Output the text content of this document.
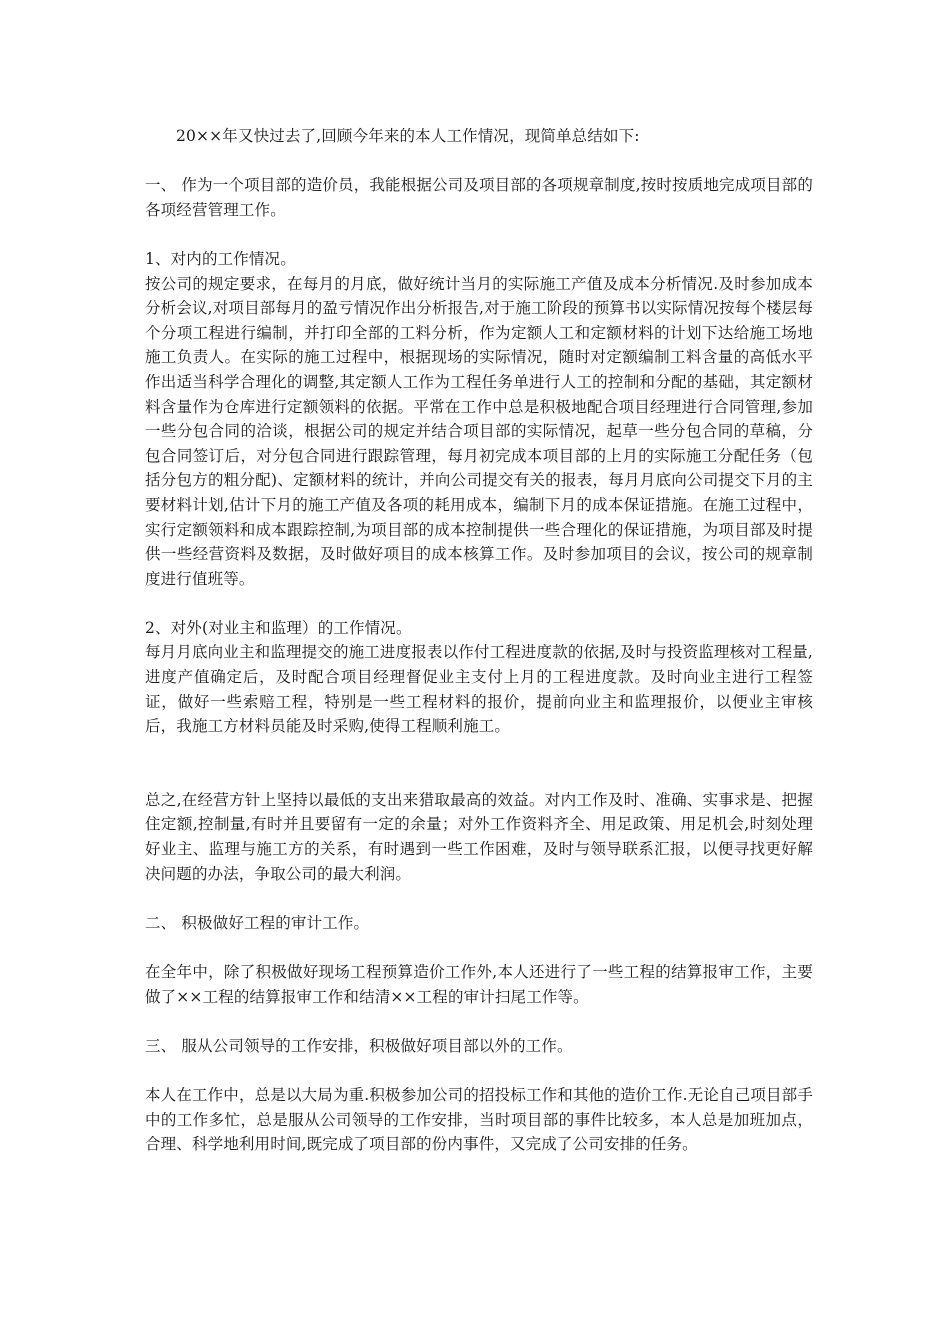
20××年又快过去了,回顾今年来的本人工作情况，现简单总结如下:

一、 作为一个项目部的造价员，我能根据公司及项目部的各项规章制度,按时按质地完成项目部的各项经营管理工作。

1、对内的工作情况。

按公司的规定要求，在每月的月底，做好统计当月的实际施工产值及成本分析情况.及时参加成本分析会议,对项目部每月的盈亏情况作出分析报告,对于施工阶段的预算书以实际情况按每个楼层每个分项工程进行编制，并打印全部的工料分析，作为定额人工和定额材料的计划下达给施工场地施工负责人。在实际的施工过程中，根据现场的实际情况，随时对定额编制工料含量的高低水平作出适当科学合理化的调整,其定额人工作为工程任务单进行人工的控制和分配的基础，其定额材料含量作为仓库进行定额领料的依据。平常在工作中总是积极地配合项目经理进行合同管理,参加一些分包合同的洽谈，根据公司的规定并结合项目部的实际情况，起草一些分包合同的草稿，分包合同签订后，对分包合同进行跟踪管理，每月初完成本项目部的上月的实际施工分配任务（包括分包方的粗分配)、定额材料的统计，并向公司提交有关的报表，每月月底向公司提交下月的主要材料计划,估计下月的施工产值及各项的耗用成本，编制下月的成本保证措施。在施工过程中，实行定额领料和成本跟踪控制,为项目部的成本控制提供一些合理化的保证措施，为项目部及时提供一些经营资料及数据，及时做好项目的成本核算工作。及时参加项目的会议，按公司的规章制度进行值班等。

2、对外(对业主和监理）的工作情况。

每月月底向业主和监理提交的施工进度报表以作付工程进度款的依据,及时与投资监理核对工程量,进度产值确定后，及时配合项目经理督促业主支付上月的工程进度款。及时向业主进行工程签证，做好一些索赔工程，特别是一些工程材料的报价，提前向业主和监理报价，以便业主审核后，我施工方材料员能及时采购,使得工程顺利施工。

总之,在经营方针上坚持以最低的支出来猎取最高的效益。对内工作及时、准确、实事求是、把握住定额,控制量,有时并且要留有一定的余量；对外工作资料齐全、用足政策、用足机会,时刻处理好业主、监理与施工方的关系，有时遇到一些工作困难，及时与领导联系汇报，以便寻找更好解决问题的办法，争取公司的最大利润。

二、 积极做好工程的审计工作。

在全年中，除了积极做好现场工程预算造价工作外,本人还进行了一些工程的结算报审工作，主要做了××工程的结算报审工作和结清××工程的审计扫尾工作等。

三、 服从公司领导的工作安排，积极做好项目部以外的工作。

本人在工作中，总是以大局为重.积极参加公司的招投标工作和其他的造价工作.无论自己项目部手中的工作多忙，总是服从公司领导的工作安排，当时项目部的事件比较多，本人总是加班加点，合理、科学地利用时间,既完成了项目部的份内事件，又完成了公司安排的任务。
